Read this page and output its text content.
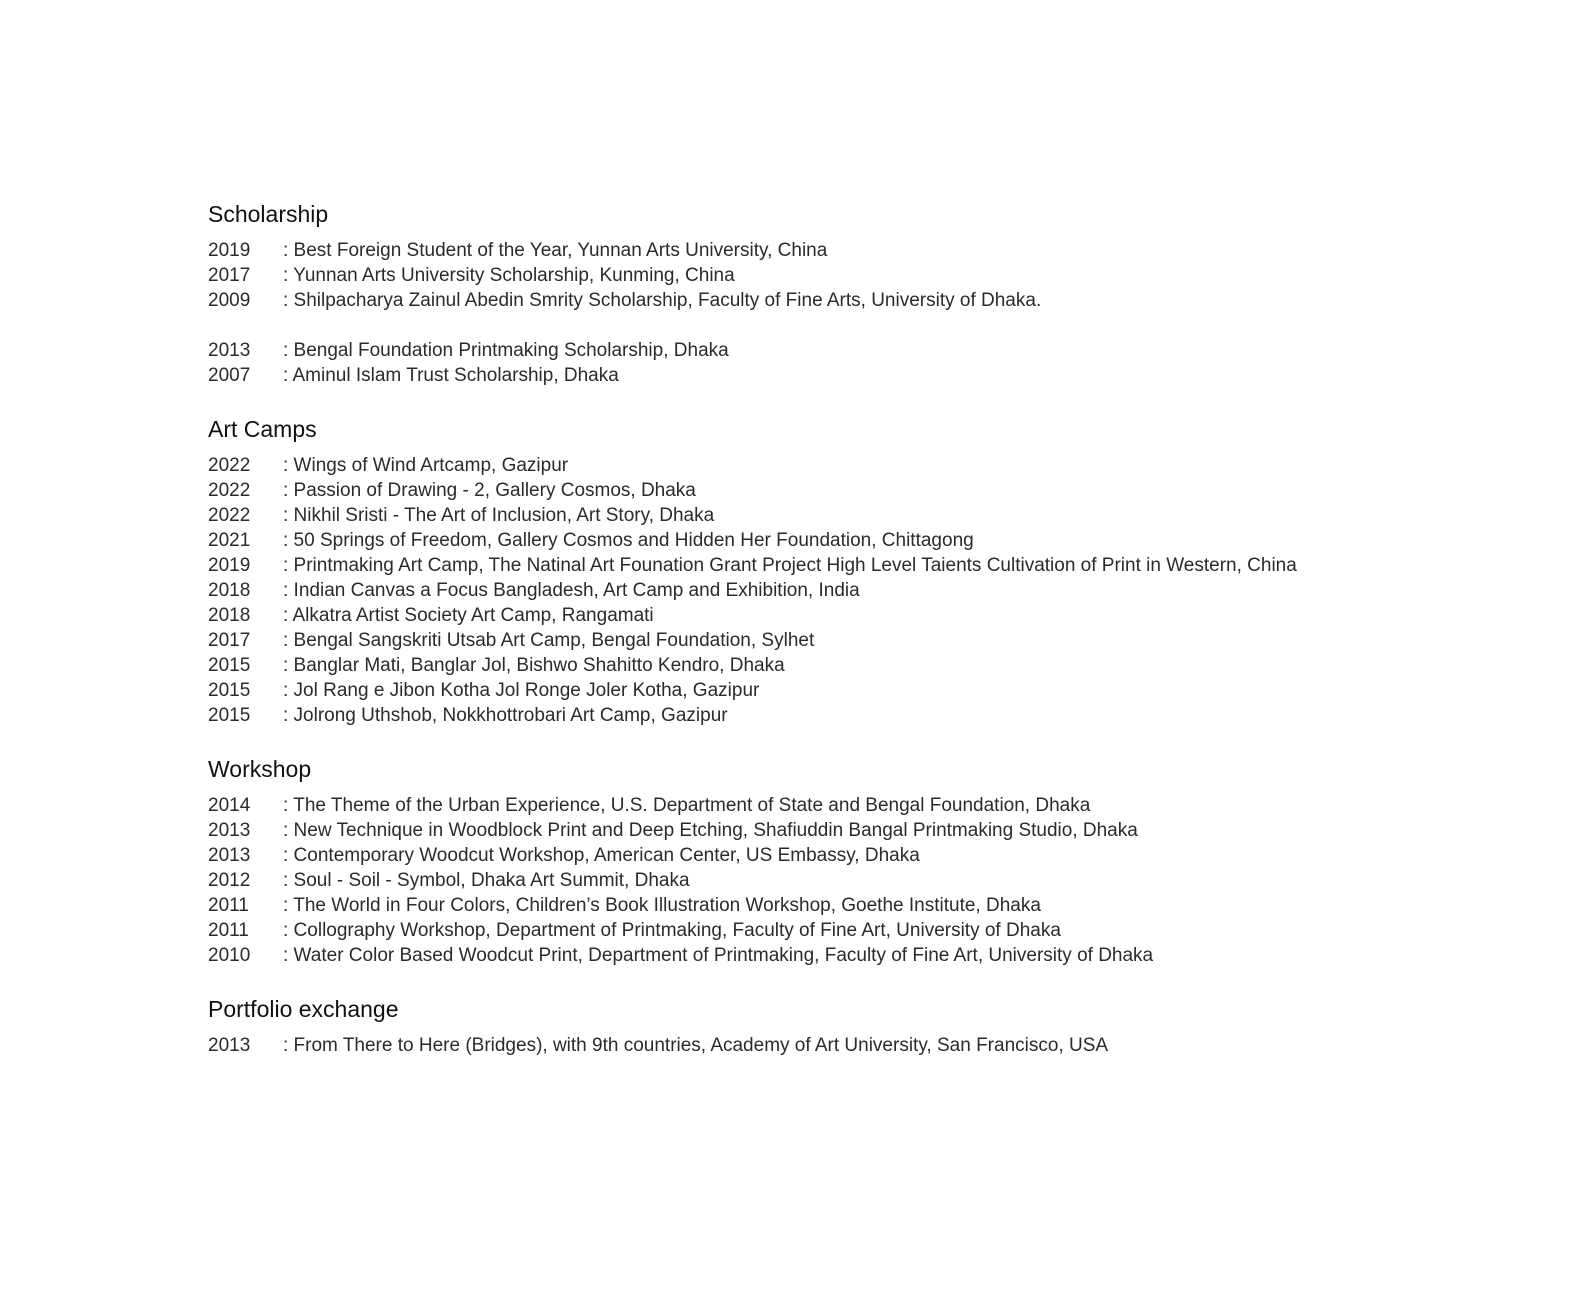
Scholarship
2019	: Best Foreign Student of the Year, Yunnan Arts University, China
2017	: Yunnan Arts University Scholarship, Kunming, China
2009	: Shilpacharya Zainul Abedin Smrity Scholarship, Faculty of Fine Arts, University of Dhaka.
2013	: Bengal Foundation Printmaking Scholarship, Dhaka
2007	: Aminul Islam Trust Scholarship, Dhaka
Art Camps
2022	: Wings of Wind Artcamp, Gazipur
2022	: Passion of Drawing - 2, Gallery Cosmos, Dhaka
2022	: Nikhil Sristi - The Art of Inclusion, Art Story, Dhaka
2021	: 50 Springs of Freedom, Gallery Cosmos and Hidden Her Foundation, Chittagong
2019	: Printmaking Art Camp, The Natinal Art Founation Grant Project High Level Taients Cultivation of Print in Western, China
2018	: Indian Canvas a Focus Bangladesh, Art Camp and Exhibition, India
2018	: Alkatra Artist Society Art Camp, Rangamati
2017	: Bengal Sangskriti Utsab Art Camp, Bengal Foundation, Sylhet
2015	: Banglar Mati, Banglar Jol, Bishwo Shahitto Kendro, Dhaka
2015	: Jol Rang e Jibon Kotha Jol Ronge Joler Kotha, Gazipur
2015	: Jolrong Uthshob, Nokkhottrobari Art Camp, Gazipur
Workshop
2014	: The Theme of the Urban Experience, U.S. Department of State and Bengal Foundation, Dhaka
2013	: New Technique in Woodblock Print and Deep Etching, Shafiuddin Bangal Printmaking Studio, Dhaka
2013	: Contemporary Woodcut Workshop, American Center, US Embassy, Dhaka
2012	: Soul - Soil - Symbol, Dhaka Art Summit, Dhaka
2011	: The World in Four Colors, Children’s Book Illustration Workshop, Goethe Institute, Dhaka
2011	: Collography Workshop, Department of Printmaking, Faculty of Fine Art, University of Dhaka
2010	: Water Color Based Woodcut Print, Department of Printmaking, Faculty of Fine Art, University of Dhaka
Portfolio exchange
2013	: From There to Here (Bridges), with 9th countries, Academy of Art University, San Francisco, USA
